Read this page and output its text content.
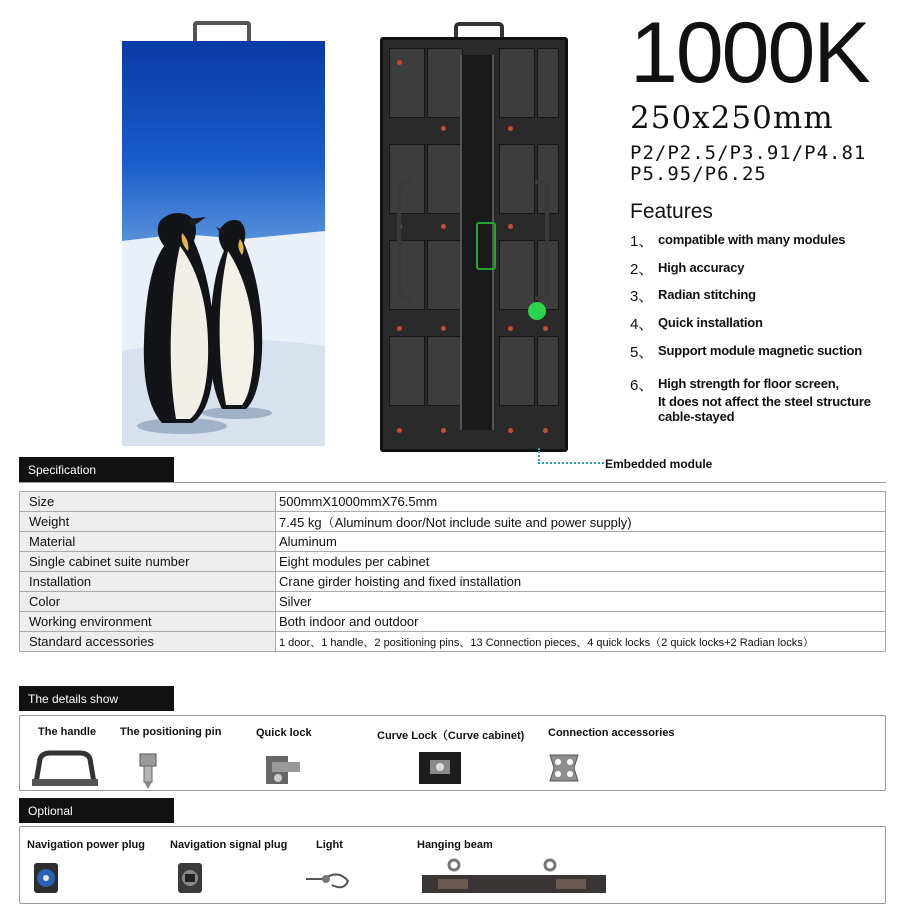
Embedded module
1000K
250x250mm
P2/P2.5/P3.91/P4.81
P5.95/P6.25
Features
1、 compatible with many modules
2、 High accuracy
3、 Radian stitching
4、 Quick installation
5、 Support module magnetic suction
6、 High strength for floor screen,
It does not affect the steel structure
cable-stayed
Specification
Size	500mmX1000mmX76.5mm
Weight	7.45 kg（Aluminum door/Not include suite and power supply)
Material	Aluminum
Single cabinet suite number	Eight modules per cabinet
Installation	Crane girder hoisting and fixed installation
Color	Silver
Working environment	Both indoor and outdoor
Standard accessories	1 door、1 handle、2 positioning pins、13 Connection pieces、4 quick locks（2 quick locks+2 Radian locks）
The details show
The handle The positioning pin	Quick lock	Curve Lock（Curve cabinet) Connection accessories
Optional
Navigation power plug Navigation signal plug	Light	Hanging beam
